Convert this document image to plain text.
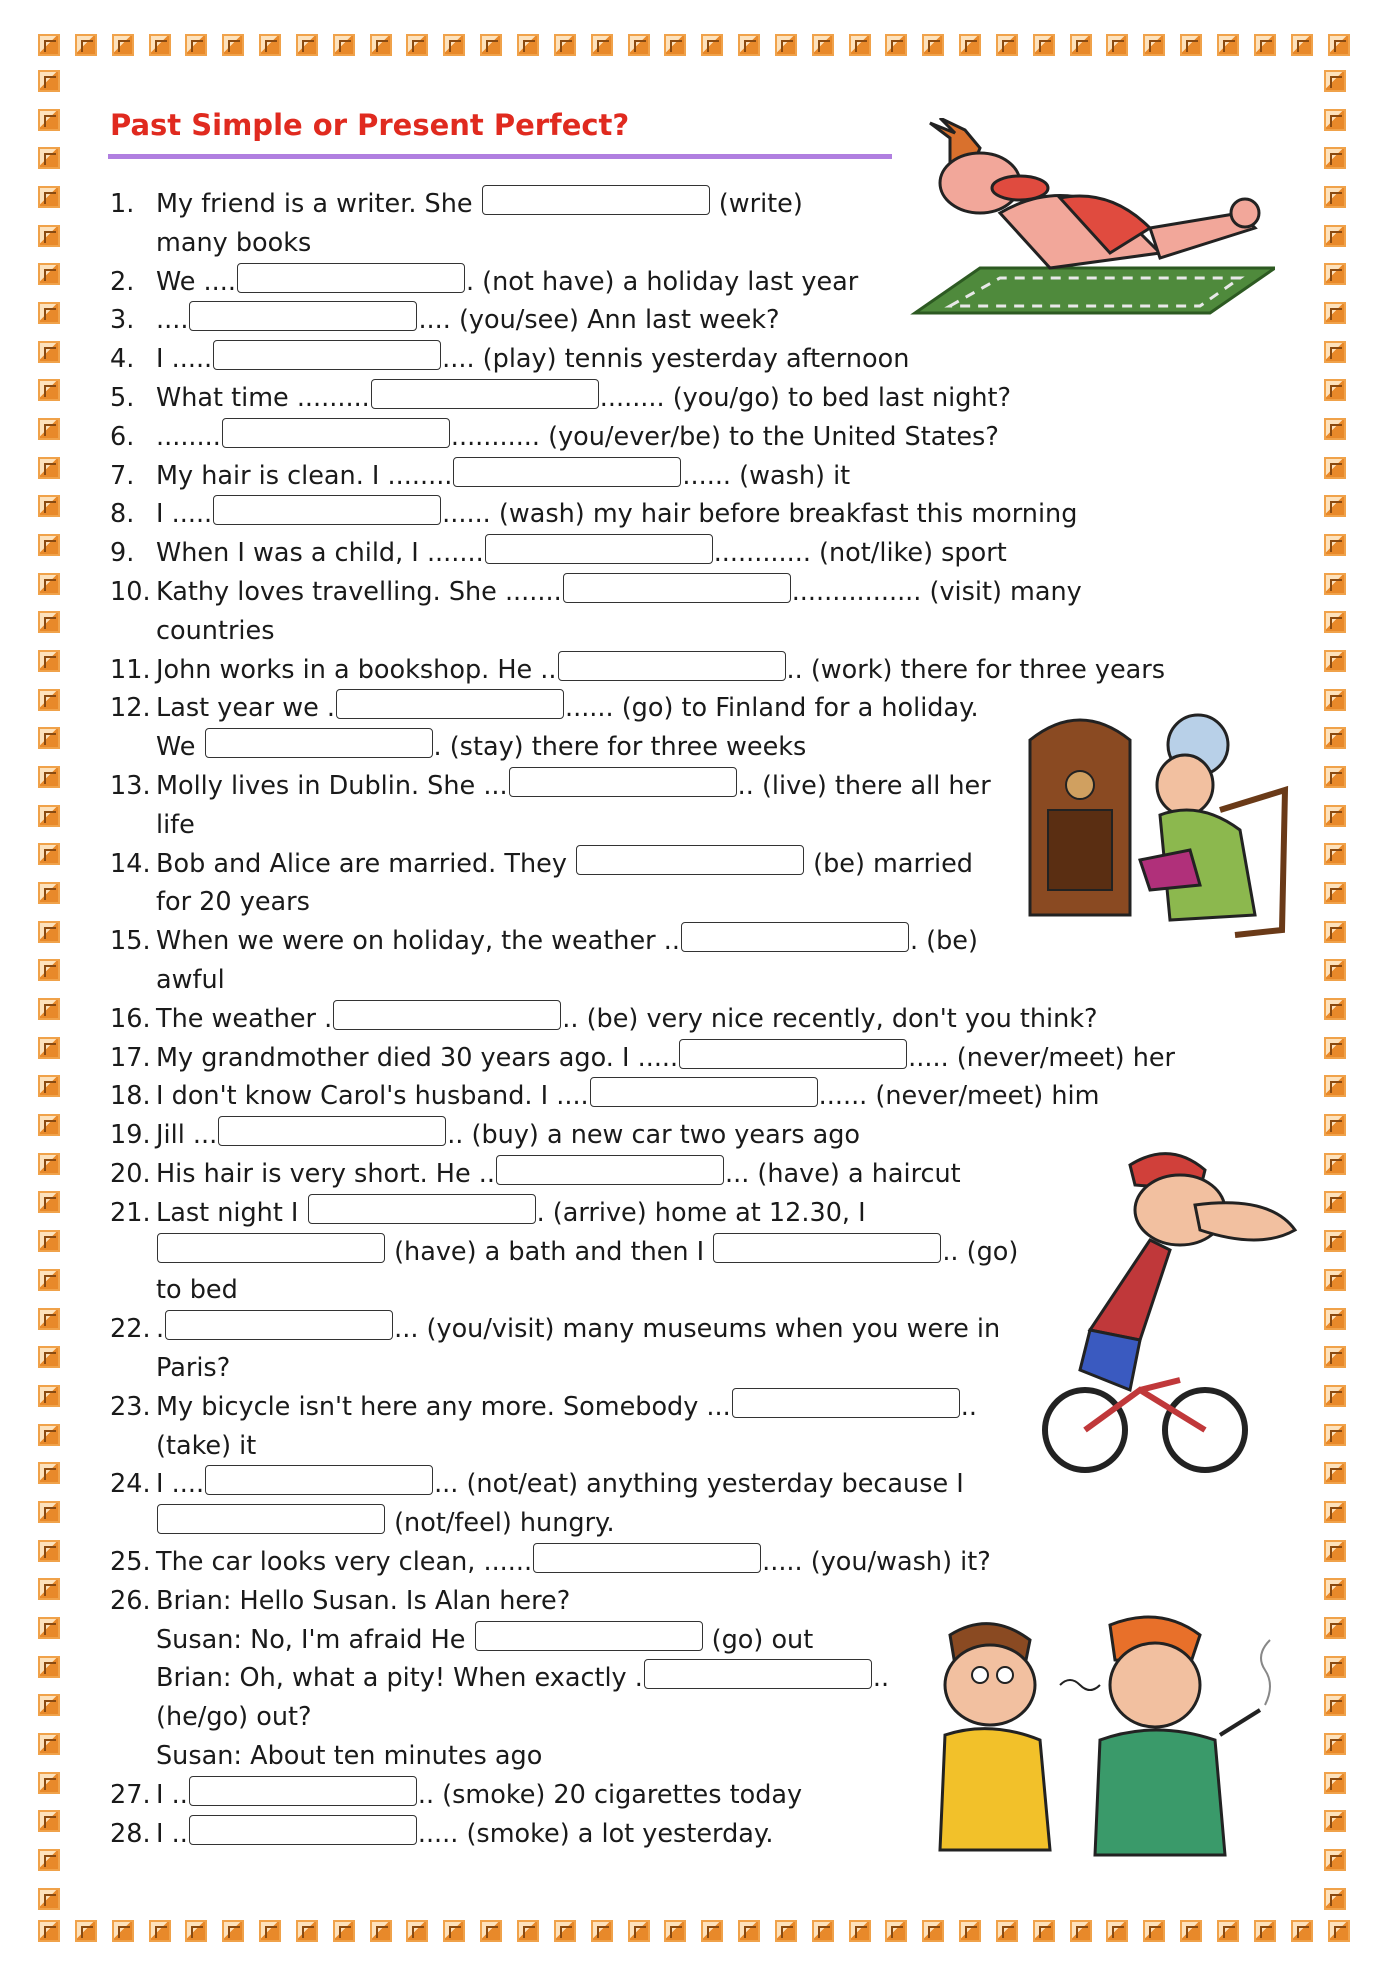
Past Simple or Present Perfect?
1. My friend is a writer. She	(write)
many books
2. We ....	. (not have) a holiday last year
3. ....	.... (you/see) Ann last week?
4. I .....	.... (play) tennis yesterday afternoon
5. What time .........	........ (you/go) to bed last night?
6. ........	........... (you/ever/be) to the United States?
7. My hair is clean. I ........	...... (wash) it
8. I .....	...... (wash) my hair before breakfast this morning
9. When I was a child, I .......	............ (not/like) sport
10. Kathy loves travelling. She .......	................ (visit) many
countries
11. John works in a bookshop. He ..	.. (work) there for three years
12. Last year we .	...... (go) to Finland for a holiday.
We	. (stay) there for three weeks
13. Molly lives in Dublin. She ...	.. (live) there all her
life
14. Bob and Alice are married. They	(be) married
for 20 years
15. When we were on holiday, the weather ..	. (be)
awful
16. The weather .	.. (be) very nice recently, don't you think?
17. My grandmother died 30 years ago. I .....	..... (never/meet) her
18. I don't know Carol's husband. I ....	...... (never/meet) him
19. Jill ...	.. (buy) a new car two years ago
20. His hair is very short. He ..	... (have) a haircut
21. Last night I	. (arrive) home at 12.30, I
(have) a bath and then I	.. (go)
to bed
22. .	... (you/visit) many museums when you were in
Paris?
23. My bicycle isn't here any more. Somebody ...	..
(take) it
24. I ....	... (not/eat) anything yesterday because I
(not/feel) hungry.
25. The car looks very clean, ......	..... (you/wash) it?
26. Brian: Hello Susan. Is Alan here?
Susan: No, I'm afraid He	(go) out
Brian: Oh, what a pity! When exactly .	..
(he/go) out?
Susan: About ten minutes ago
27. I ..	.. (smoke) 20 cigarettes today
28. I ..	..... (smoke) a lot yesterday.
